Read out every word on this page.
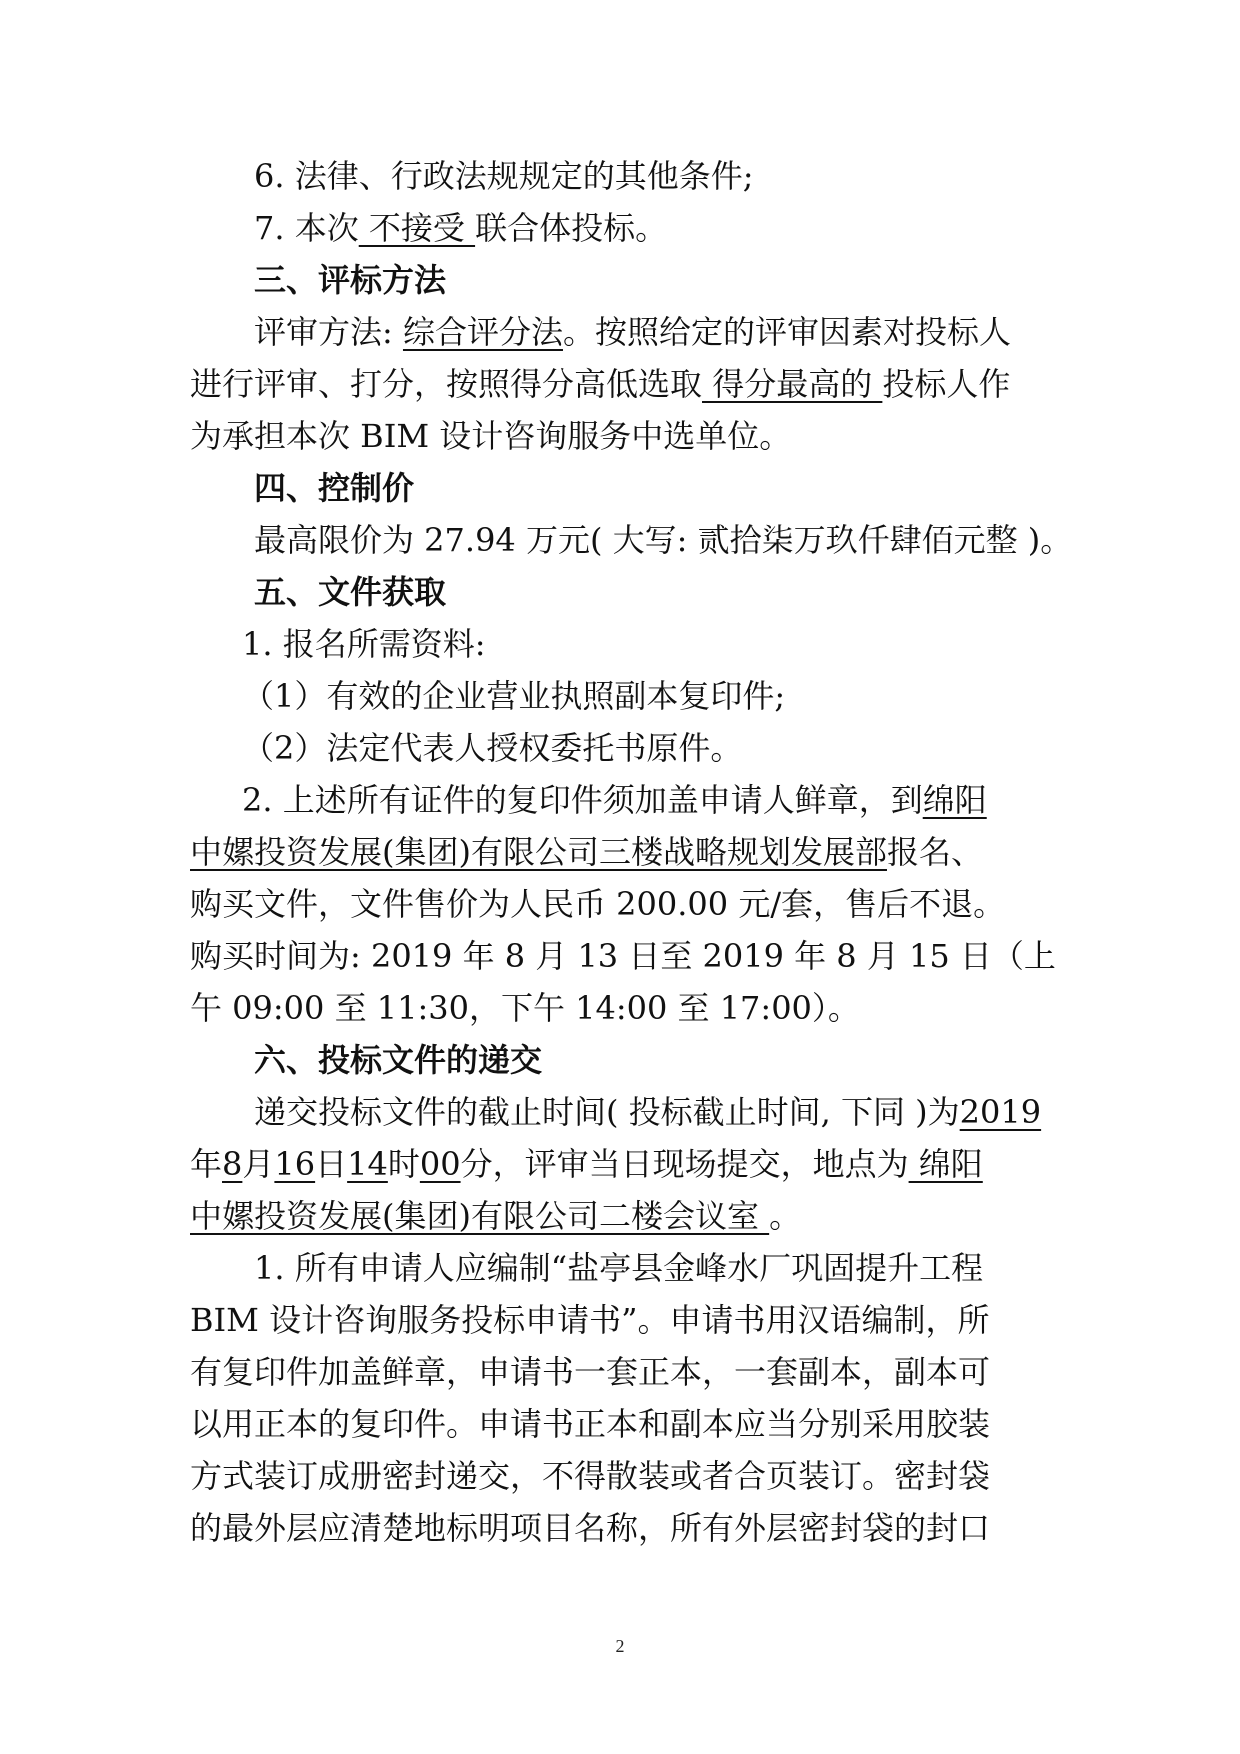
6. 法律、行政法规规定的其他条件;
7. 本次 不接受 联合体投标。
三、评标方法
评审方法: 综合评分法。按照给定的评审因素对投标人
进行评审、打分，按照得分高低选取 得分最高的 投标人作
为承担本次 BIM 设计咨询服务中选单位。
四、控制价
最高限价为 27.94 万元( 大写: 贰拾柒万玖仟肆佰元整 )。
五、文件获取
1. 报名所需资料:
（1）有效的企业营业执照副本复印件;
（2）法定代表人授权委托书原件。
2. 上述所有证件的复印件须加盖申请人鲜章，到绵阳
中嫘投资发展(集团)有限公司三楼战略规划发展部报名、
购买文件，文件售价为人民币 200.00 元/套，售后不退。
购买时间为: 2019 年 8 月 13 日至 2019 年 8 月 15 日（上
午 09:00 至 11:30，下午 14:00 至 17:00）。
六、投标文件的递交
递交投标文件的截止时间( 投标截止时间, 下同 )为2019
年8月16日14时00分，评审当日现场提交，地点为 绵阳
中嫘投资发展(集团)有限公司二楼会议室 。
1. 所有申请人应编制“盐亭县金峰水厂巩固提升工程
BIM 设计咨询服务投标申请书”。申请书用汉语编制，所
有复印件加盖鲜章，申请书一套正本，一套副本，副本可
以用正本的复印件。申请书正本和副本应当分别采用胶装
方式装订成册密封递交，不得散装或者合页装订。密封袋
的最外层应清楚地标明项目名称，所有外层密封袋的封口
2
